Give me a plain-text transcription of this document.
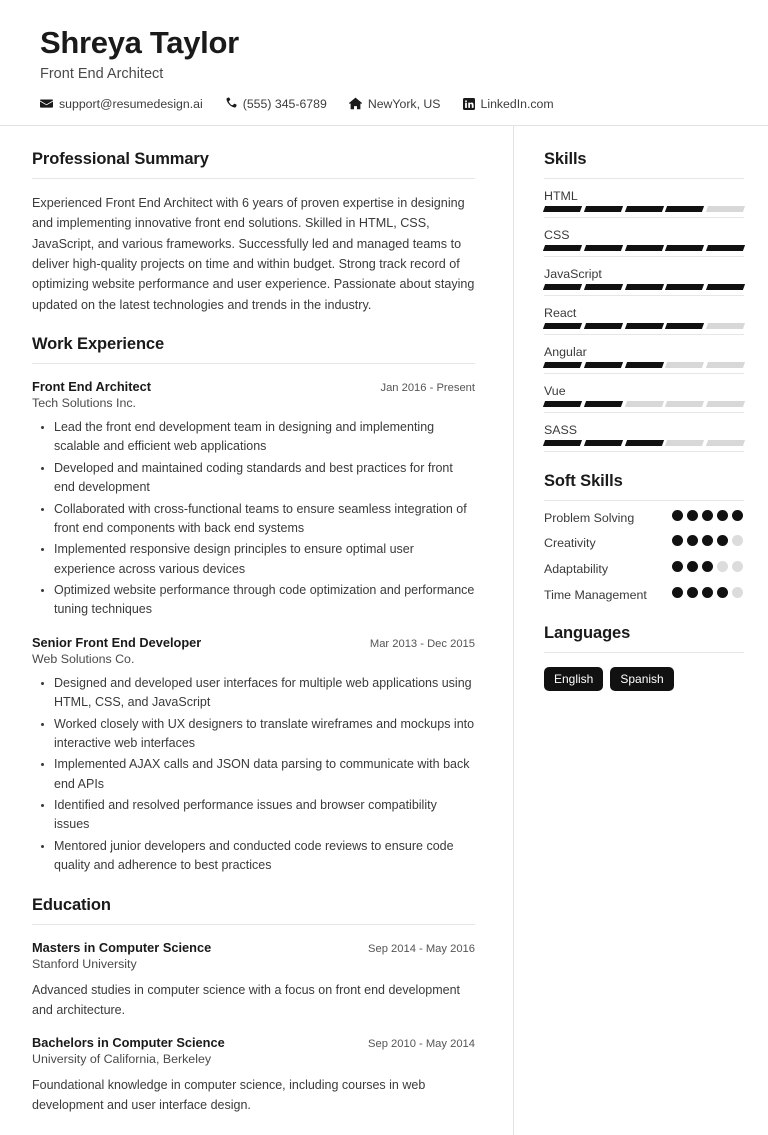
Shreya Taylor
Front End Architect
support@resumedesign.ai	(555) 345-6789	NewYork, US	LinkedIn.com
Professional Summary
Experienced Front End Architect with 6 years of proven expertise in designing and implementing innovative front end solutions. Skilled in HTML, CSS, JavaScript, and various frameworks. Successfully led and managed teams to deliver high-quality projects on time and within budget. Strong track record of optimizing website performance and user experience. Passionate about staying updated on the latest technologies and trends in the industry.
Work Experience
Front End Architect	Jan 2016 - Present
Tech Solutions Inc.
• Lead the front end development team in designing and implementing scalable and efficient web applications
• Developed and maintained coding standards and best practices for front end development
• Collaborated with cross-functional teams to ensure seamless integration of front end components with back end systems
• Implemented responsive design principles to ensure optimal user experience across various devices
• Optimized website performance through code optimization and performance tuning techniques
Senior Front End Developer	Mar 2013 - Dec 2015
Web Solutions Co.
• Designed and developed user interfaces for multiple web applications using HTML, CSS, and JavaScript
• Worked closely with UX designers to translate wireframes and mockups into interactive web interfaces
• Implemented AJAX calls and JSON data parsing to communicate with back end APIs
• Identified and resolved performance issues and browser compatibility issues
• Mentored junior developers and conducted code reviews to ensure code quality and adherence to best practices
Education
Masters in Computer Science	Sep 2014 - May 2016
Stanford University
Advanced studies in computer science with a focus on front end development and architecture.
Bachelors in Computer Science	Sep 2010 - May 2014
University of California, Berkeley
Foundational knowledge in computer science, including courses in web development and user interface design.
Skills
HTML
CSS
JavaScript
React
Angular
Vue
SASS
Soft Skills
Problem Solving
Creativity
Adaptability
Time Management
Languages
English	Spanish
